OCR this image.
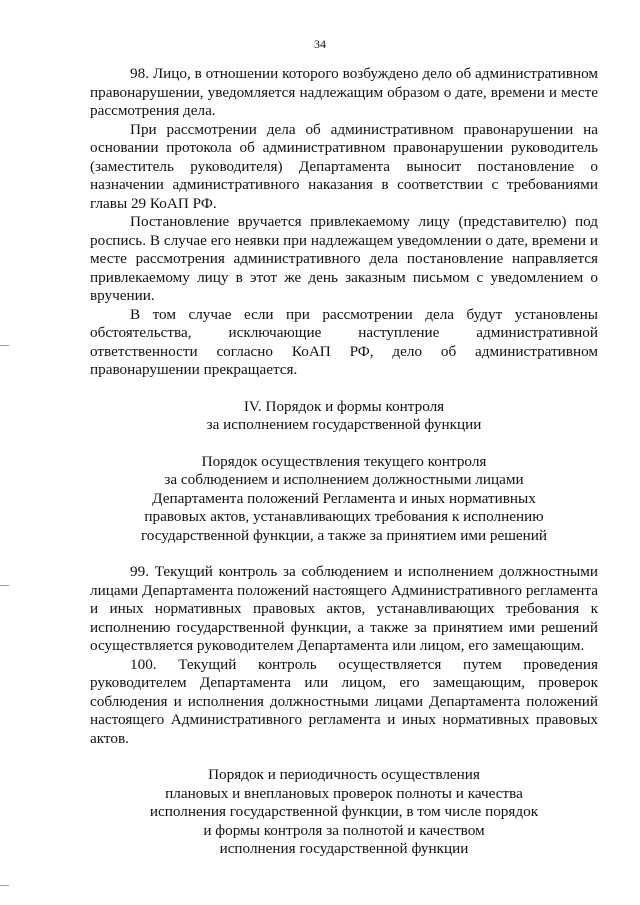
34

98. Лицо, в отношении которого возбуждено дело об административном правонарушении, уведомляется надлежащим образом о дате, времени и месте рассмотрения дела.

При рассмотрении дела об административном правонарушении на основании протокола об административном правонарушении руководитель (заместитель руководителя) Департамента выносит постановление о назначении административного наказания в соответствии с требованиями главы 29 КоАП РФ.

Постановление вручается привлекаемому лицу (представителю) под роспись. В случае его неявки при надлежащем уведомлении о дате, времени и месте рассмотрения административного дела постановление направляется привлекаемому лицу в этот же день заказным письмом с уведомлением о вручении.

В том случае если при рассмотрении дела будут установлены обстоятельства, исключающие наступление административной ответственности согласно КоАП РФ, дело об административном правонарушении прекращается.

IV. Порядок и формы контроля

за исполнением государственной функции

Порядок осуществления текущего контроля

за соблюдением и исполнением должностными лицами

Департамента положений Регламента и иных нормативных

правовых актов, устанавливающих требования к исполнению

государственной функции, а также за принятием ими решений

99. Текущий контроль за соблюдением и исполнением должностными лицами Департамента положений настоящего Административного регламента и иных нормативных правовых актов, устанавливающих требования к исполнению государственной функции, а также за принятием ими решений осуществляется руководителем Департамента или лицом, его замещающим.

100. Текущий контроль осуществляется путем проведения руководителем Департамента или лицом, его замещающим, проверок соблюдения и исполнения должностными лицами Департамента положений настоящего Административного регламента и иных нормативных правовых актов.

Порядок и периодичность осуществления

плановых и внеплановых проверок полноты и качества

исполнения государственной функции, в том числе порядок

и формы контроля за полнотой и качеством

исполнения государственной функции
